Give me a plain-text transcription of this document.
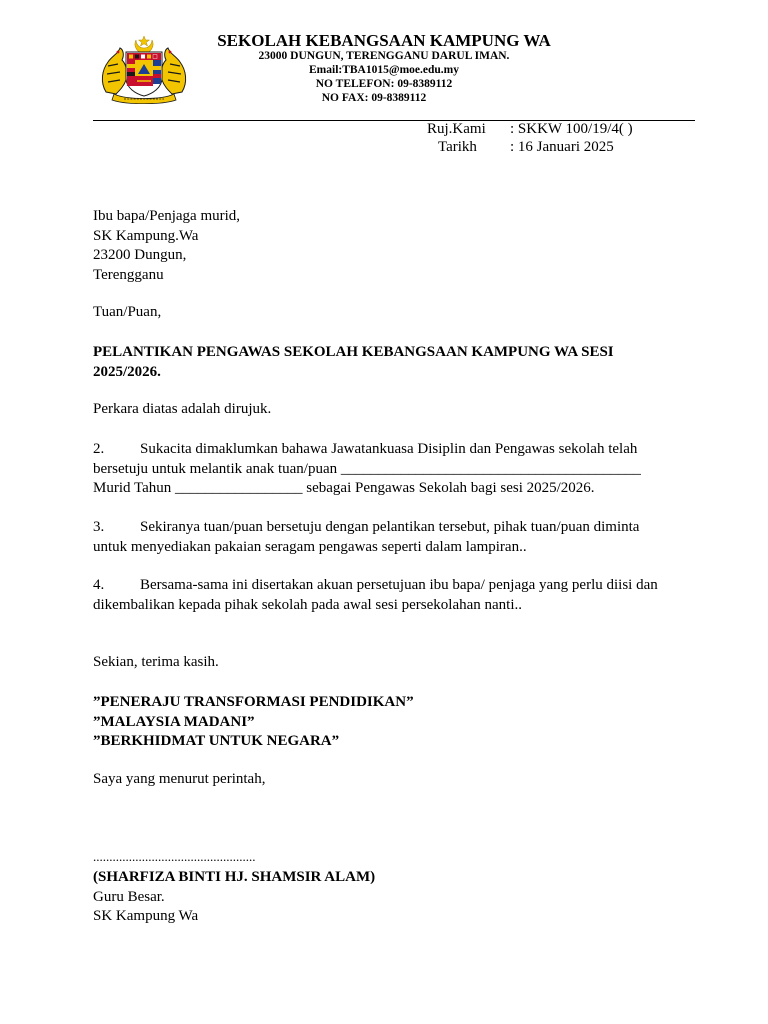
SEKOLAH KEBANGSAAN KAMPUNG WA
23000 DUNGUN, TERENGGANU DARUL IMAN.
Email:TBA1015@moe.edu.my
NO TELEFON: 09-8389112
NO FAX: 09-8389112
Ruj.Kami : SKKW 100/19/4( )
Tarikh : 16 Januari 2025
Ibu bapa/Penjaga murid,
SK Kampung.Wa
23200 Dungun,
Terengganu
Tuan/Puan,
PELANTIKAN PENGAWAS SEKOLAH KEBANGSAAN KAMPUNG WA SESI
2025/2026.
Perkara diatas adalah dirujuk.
2. Sukacita dimaklumkan bahawa Jawatankuasa Disiplin dan Pengawas sekolah telah
bersetuju untuk melantik anak tuan/puan ________________________________________
Murid Tahun _________________ sebagai Pengawas Sekolah bagi sesi 2025/2026.
3. Sekiranya tuan/puan bersetuju dengan pelantikan tersebut, pihak tuan/puan diminta
untuk menyediakan pakaian seragam pengawas seperti dalam lampiran..
4. Bersama-sama ini disertakan akuan persetujuan ibu bapa/ penjaga yang perlu diisi dan
dikembalikan kepada pihak sekolah pada awal sesi persekolahan nanti..
Sekian, terima kasih.
”PENERAJU TRANSFORMASI PENDIDIKAN”
”MALAYSIA MADANI”
”BERKHIDMAT UNTUK NEGARA”
Saya yang menurut perintah,
..................................................
(SHARFIZA BINTI HJ. SHAMSIR ALAM)
Guru Besar.
SK Kampung Wa
